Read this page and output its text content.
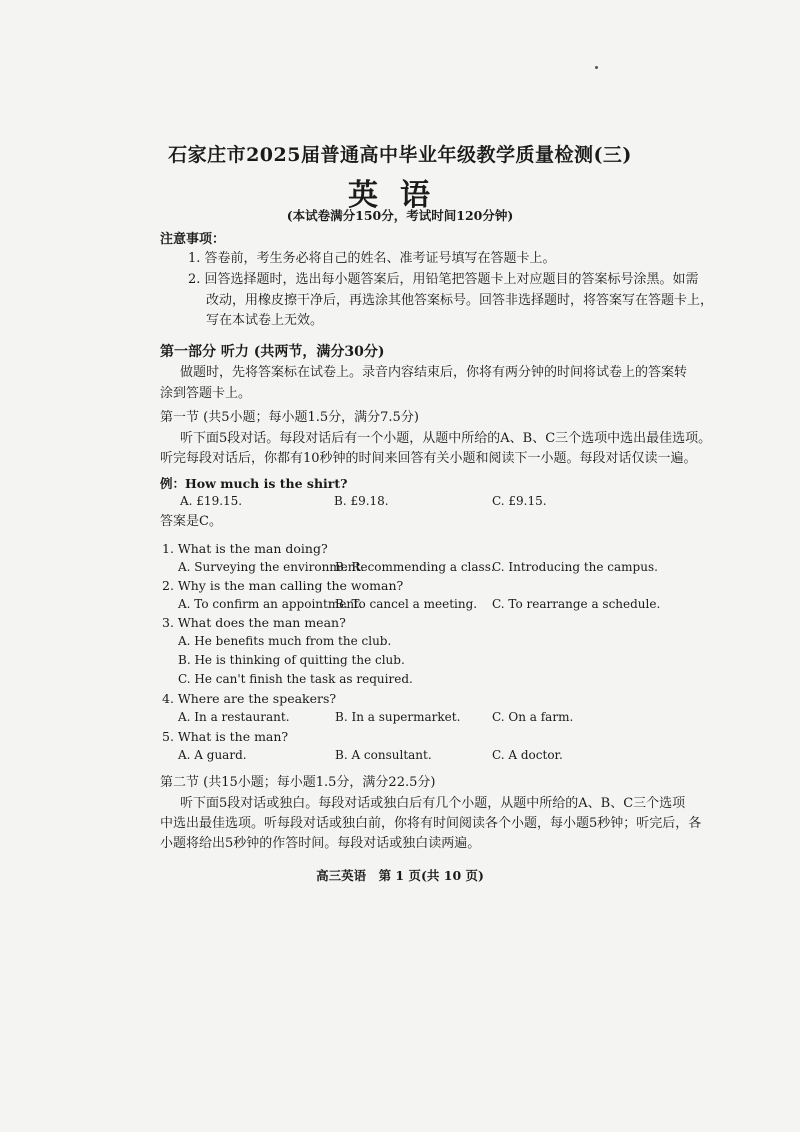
石家庄市2025届普通高中毕业年级教学质量检测(三)
英语
(本试卷满分150分，考试时间120分钟)
注意事项：
1. 答卷前，考生务必将自己的姓名、准考证号填写在答题卡上。
2. 回答选择题时，选出每小题答案后，用铅笔把答题卡上对应题目的答案标号涂黑。如需
改动，用橡皮擦干净后，再选涂其他答案标号。回答非选择题时，将答案写在答题卡上，
写在本试卷上无效。
第一部分 听力 (共两节，满分30分)
做题时，先将答案标在试卷上。录音内容结束后，你将有两分钟的时间将试卷上的答案转
涂到答题卡上。
第一节 (共5小题；每小题1.5分，满分7.5分)
听下面5段对话。每段对话后有一个小题，从题中所给的A、B、C三个选项中选出最佳选项。
听完每段对话后，你都有10秒钟的时间来回答有关小题和阅读下一小题。每段对话仅读一遍。
例：How much is the shirt?
A. £19.15.	B. £9.18.	C. £9.15.
答案是C。
1. What is the man doing?
A. Surveying the environment.
B. Recommending a class.
C. Introducing the campus.
2. Why is the man calling the woman?
A. To confirm an appointment.
B. To cancel a meeting. C. To rearrange a schedule.
3. What does the man mean?
A. He benefits much from the club.
B. He is thinking of quitting the club.
C. He can't finish the task as required.
4. Where are the speakers?
A. In a restaurant.	B. In a supermarket.	C. On a farm.
5. What is the man?
A. A guard.	B. A consultant.	C. A doctor.
第二节 (共15小题；每小题1.5分，满分22.5分)
听下面5段对话或独白。每段对话或独白后有几个小题，从题中所给的A、B、C三个选项
中选出最佳选项。听每段对话或独白前，你将有时间阅读各个小题，每小题5秒钟；听完后，各
小题将给出5秒钟的作答时间。每段对话或独白读两遍。
高三英语　第 1 页(共 10 页)
